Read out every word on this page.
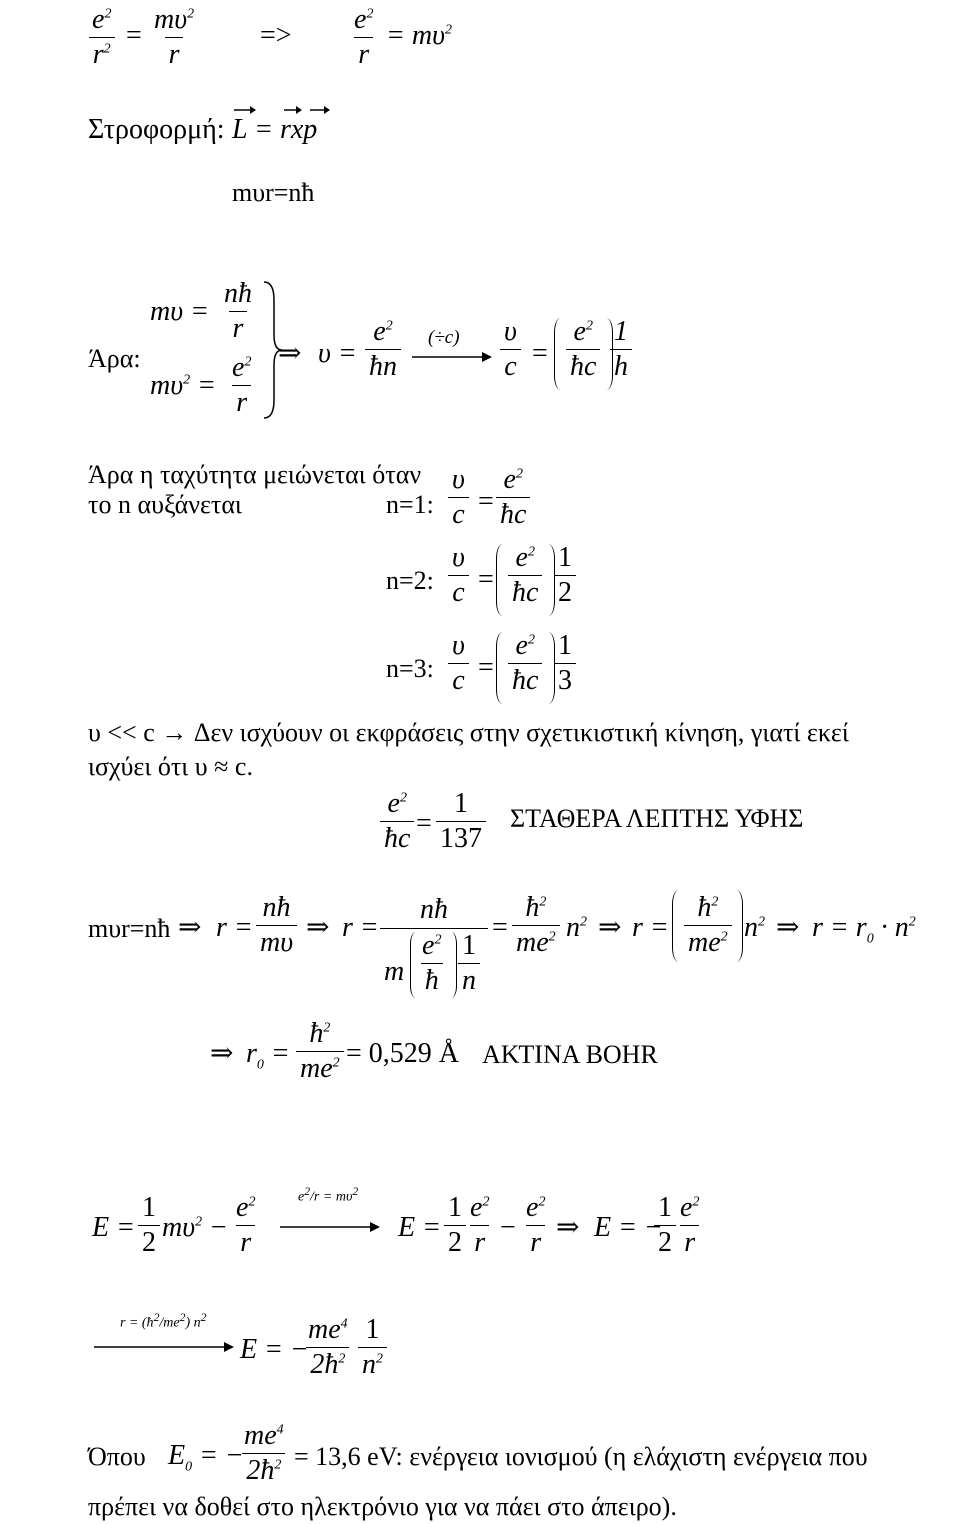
$\frac{e^2}{r^2} = \frac{m\upsilon^2}{r} => \frac{e^2}{r} = m\upsilon^2$
Στροφορμή: L = rxp
mυr=nħ
Άρα:
$m\upsilon = \frac{nħ}{r}$
$m\upsilon^2 = \frac{e^2}{r}$
⇒ $\upsilon = \frac{e^2}{ħn} (\div c) \frac{\upsilon}{c} = \frac{e^2}{ħc} \frac{1}{h}$
Άρα η ταχύτητα μειώνεται όταν
το n αυξάνεται	n=1: $\frac{\upsilon}{c} = \frac{e^2}{ħc}$
n=2: $\frac{\upsilon}{c} = \frac{e^2}{ħc} \frac{1}{2}$
n=3: $\frac{\upsilon}{c} = \frac{e^2}{ħc} \frac{1}{3}$
υ << c → Δεν ισχύουν οι εκφράσεις στην σχετικιστική κίνηση, γιατί εκεί
ισχύει ότι υ ≈ c.
$\frac{e^2}{ħc} = \frac{1}{137}$ ΣΤΑΘΕΡΑ ΛΕΠΤΗΣ ΥΦΗΣ
mυr=nħ ⇒ $r = \frac{nħ}{m\upsilon}$ ⇒ r =
nħ
m $\frac{e^2}{ħ} \frac{1}{n}$
= $\frac{ħ^2}{me^2} n^2$ ⇒ $r = \frac{ħ^2}{me^2} n^2$ ⇒ $r = r_0 \cdot n^2$
⇒ $r_0 = \frac{ħ^2}{me^2} = 0,529$ Å ΑΚΤΙΝΑ BOHR
$E = \frac{1}{2} m\upsilon^2 - \frac{e^2}{r}$	$e^2/r = m\upsilon^2$
$E = \frac{1}{2} \frac{e^2}{r} - \frac{e^2}{r}$ ⇒ E = −
$\frac{1}{2} \frac{e^2}{r}$
$r = (ħ^2/me^2)$ $n^2$
E = −
$\frac{me^4}{2ħ^2} \frac{1}{n^2}$
Όπου $E_0$ = −
$\frac{me^4}{2ħ^2} = 13,6$ eV: ενέργεια ιονισμού (η ελάχιστη ενέργεια που
πρέπει να δοθεί στο ηλεκτρόνιο για να πάει στο άπειρο).
